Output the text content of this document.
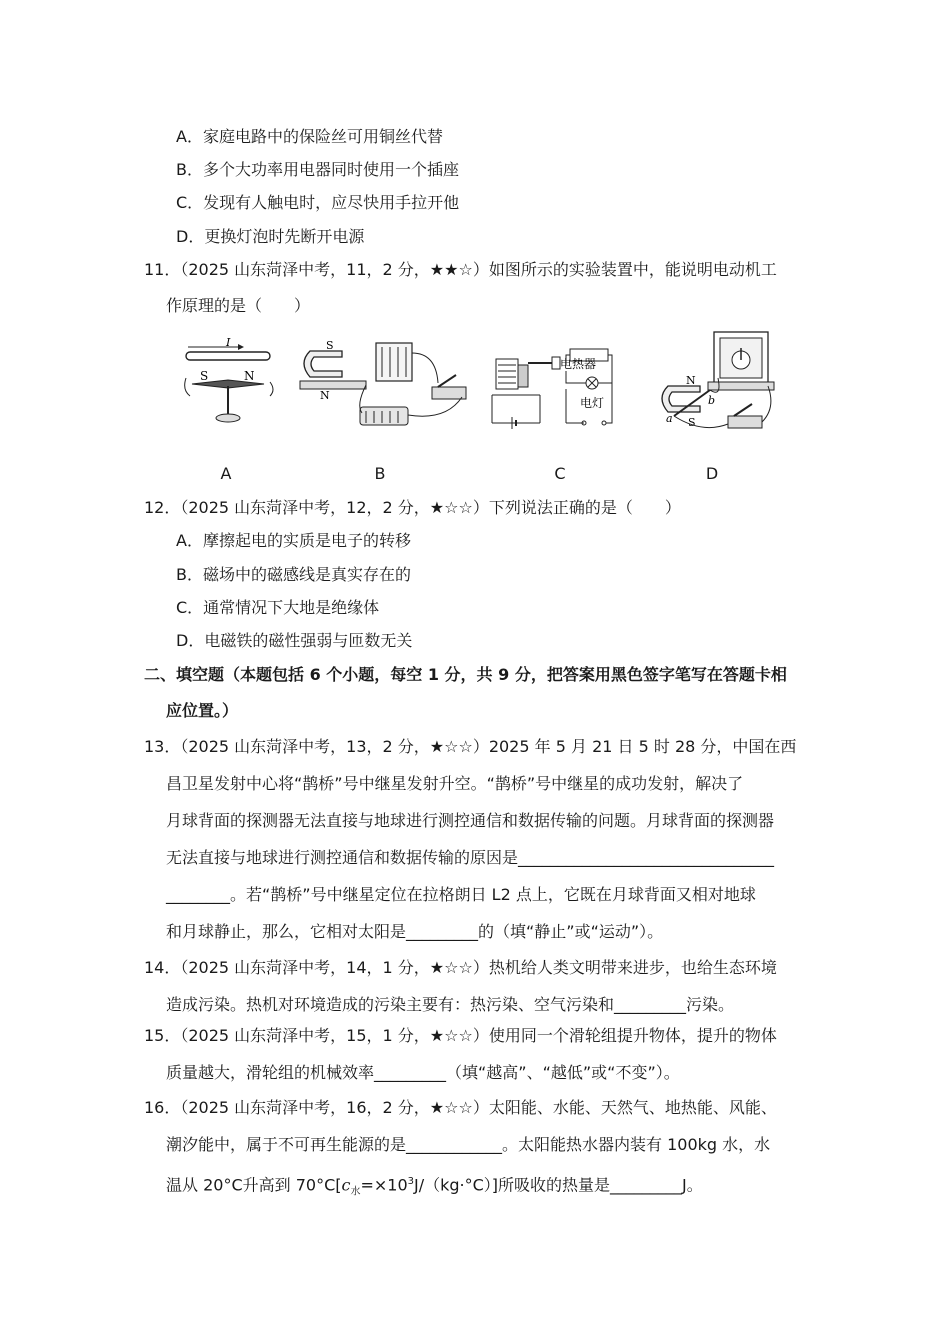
A．家庭电路中的保险丝可用铜丝代替
B．多个大功率用电器同时使用一个插座
C．发现有人触电时，应尽快用手拉开他
D．更换灯泡时先断开电源
11．（2025 山东菏泽中考，11，2 分，★★☆）如图所示的实验装置中，能说明电动机工
作原理的是（　　）
I
S	N
S
N
电热器
电灯
N
S
a
b
A	B	C	D
12．（2025 山东菏泽中考，12，2 分，★☆☆）下列说法正确的是（　　）
A．摩擦起电的实质是电子的转移
B．磁场中的磁感线是真实存在的
C．通常情况下大地是绝缘体
D．电磁铁的磁性强弱与匝数无关
二、填空题（本题包括 6 个小题，每空 1 分，共 9 分，把答案用黑色签字笔写在答题卡相
应位置。）
13．（2025 山东菏泽中考，13，2 分，★☆☆）2025 年 5 月 21 日 5 时 28 分，中国在西
昌卫星发射中心将“鹊桥”号中继星发射升空。“鹊桥”号中继星的成功发射，解决了
月球背面的探测器无法直接与地球进行测控通信和数据传输的问题。月球背面的探测器
无法直接与地球进行测控通信和数据传输的原因是________________________________
________。若“鹊桥”号中继星定位在拉格朗日 L2 点上，它既在月球背面又相对地球
和月球静止，那么，它相对太阳是_________的（填“静止”或“运动”）。
14．（2025 山东菏泽中考，14，1 分，★☆☆）热机给人类文明带来进步，也给生态环境
造成污染。热机对环境造成的污染主要有：热污染、空气污染和_________污染。
15．（2025 山东菏泽中考，15，1 分，★☆☆）使用同一个滑轮组提升物体，提升的物体
质量越大，滑轮组的机械效率_________（填“越高”、“越低”或“不变”）。
16．（2025 山东菏泽中考，16，2 分，★☆☆）太阳能、水能、天然气、地热能、风能、
潮汐能中，属于不可再生能源的是____________。太阳能热水器内装有 100kg 水，水
温从 20°C升高到 $70^\circ C[c_水=\times 10^3J/(kg\cdot^\circ C)]$所吸收的热量是_________J。
